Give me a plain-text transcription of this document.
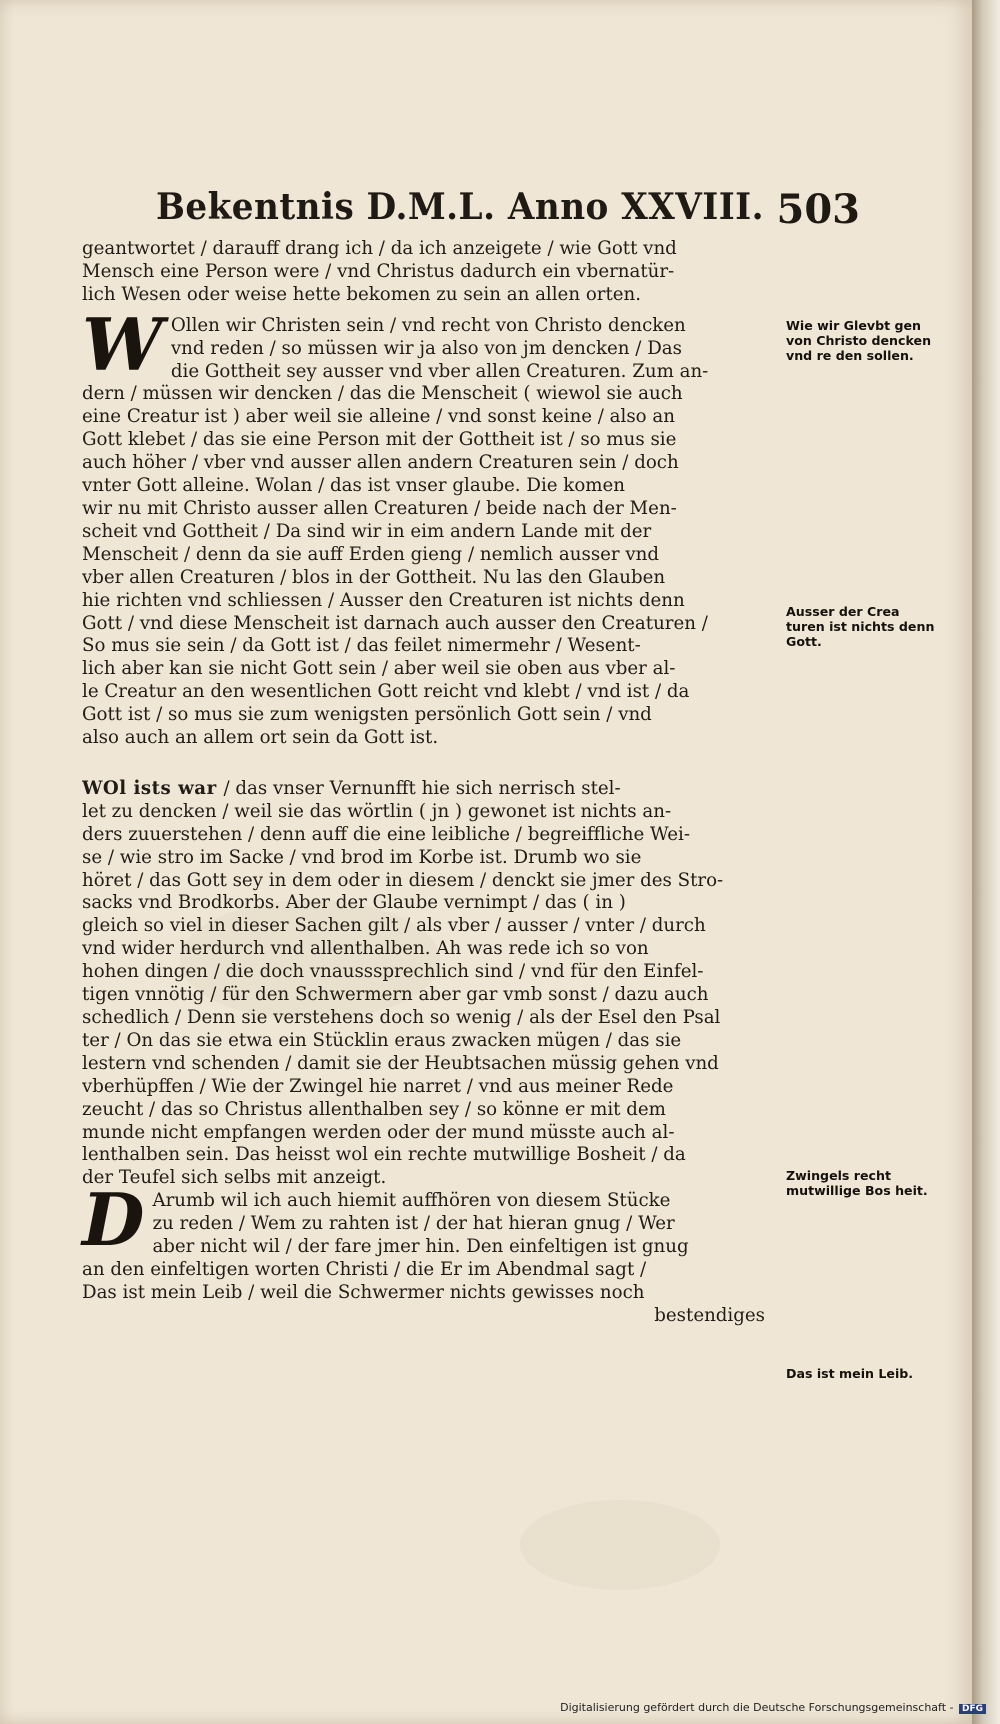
Bekentnis D.M.L. Anno XXVIII. 503
geantwortet / darauff drang ich / da ich anzeigete / wie Gott vnd
Mensch eine Person were / vnd Christus dadurch ein vbernatür-
lich Wesen oder weise hette bekomen zu sein an allen orten.
W Ollen wir Christen sein / vnd recht von Christo dencken
vnd reden / so müssen wir ja also von jm dencken / Das
die Gottheit sey ausser vnd vber allen Creaturen. Zum an-
dern / müssen wir dencken / das die Menscheit ( wiewol sie auch
eine Creatur ist ) aber weil sie alleine / vnd sonst keine / also an
Gott klebet / das sie eine Person mit der Gottheit ist / so mus sie
auch höher / vber vnd ausser allen andern Creaturen sein / doch
vnter Gott alleine. Wolan / das ist vnser glaube. Die komen
wir nu mit Christo ausser allen Creaturen / beide nach der Men-
scheit vnd Gottheit / Da sind wir in eim andern Lande mit der
Menscheit / denn da sie auff Erden gieng / nemlich ausser vnd
vber allen Creaturen / blos in der Gottheit. Nu las den Glauben
hie richten vnd schliessen / Ausser den Creaturen ist nichts denn
Gott / vnd diese Menscheit ist darnach auch ausser den Creaturen /
So mus sie sein / da Gott ist / das feilet nimermehr / Wesent-
lich aber kan sie nicht Gott sein / aber weil sie oben aus vber al-
le Creatur an den wesentlichen Gott reicht vnd klebt / vnd ist / da
Gott ist / so mus sie zum wenigsten persönlich Gott sein / vnd
also auch an allem ort sein da Gott ist.
WOl ists war / das vnser Vernunfft hie sich nerrisch stel-
let zu dencken / weil sie das wörtlin ( jn ) gewonet ist nichts an-
ders zuuerstehen / denn auff die eine leibliche / begreiffliche Wei-
se / wie stro im Sacke / vnd brod im Korbe ist. Drumb wo sie
höret / das Gott sey in dem oder in diesem / denckt sie jmer des Stro-
sacks vnd Brodkorbs. Aber der Glaube vernimpt / das ( in )
gleich so viel in dieser Sachen gilt / als vber / ausser / vnter / durch
vnd wider herdurch vnd allenthalben. Ah was rede ich so von
hohen dingen / die doch vnausssprechlich sind / vnd für den Einfel-
tigen vnnötig / für den Schwermern aber gar vmb sonst / dazu auch
schedlich / Denn sie verstehens doch so wenig / als der Esel den Psal
ter / On das sie etwa ein Stücklin eraus zwacken mügen / das sie
lestern vnd schenden / damit sie der Heubtsachen müssig gehen vnd
vberhüpffen / Wie der Zwingel hie narret / vnd aus meiner Rede
zeucht / das so Christus allenthalben sey / so könne er mit dem
munde nicht empfangen werden oder der mund müsste auch al-
lenthalben sein. Das heisst wol ein rechte mutwillige Bosheit / da
der Teufel sich selbs mit anzeigt.
D Arumb wil ich auch hiemit auffhören von diesem Stücke
zu reden / Wem zu rahten ist / der hat hieran gnug / Wer
aber nicht wil / der fare jmer hin. Den einfeltigen ist gnug
an den einfeltigen worten Christi / die Er im Abendmal sagt /
Das ist mein Leib / weil die Schwermer nichts gewisses noch
bestendiges
Wie wir Glevbt gen von Christo dencken vnd re den sollen.
Ausser der Crea turen ist nichts denn Gott.
Zwingels recht mutwillige Bos heit.
Das ist mein Leib.
Digitalisierung gefördert durch die Deutsche Forschungsgemeinschaft - DFG
